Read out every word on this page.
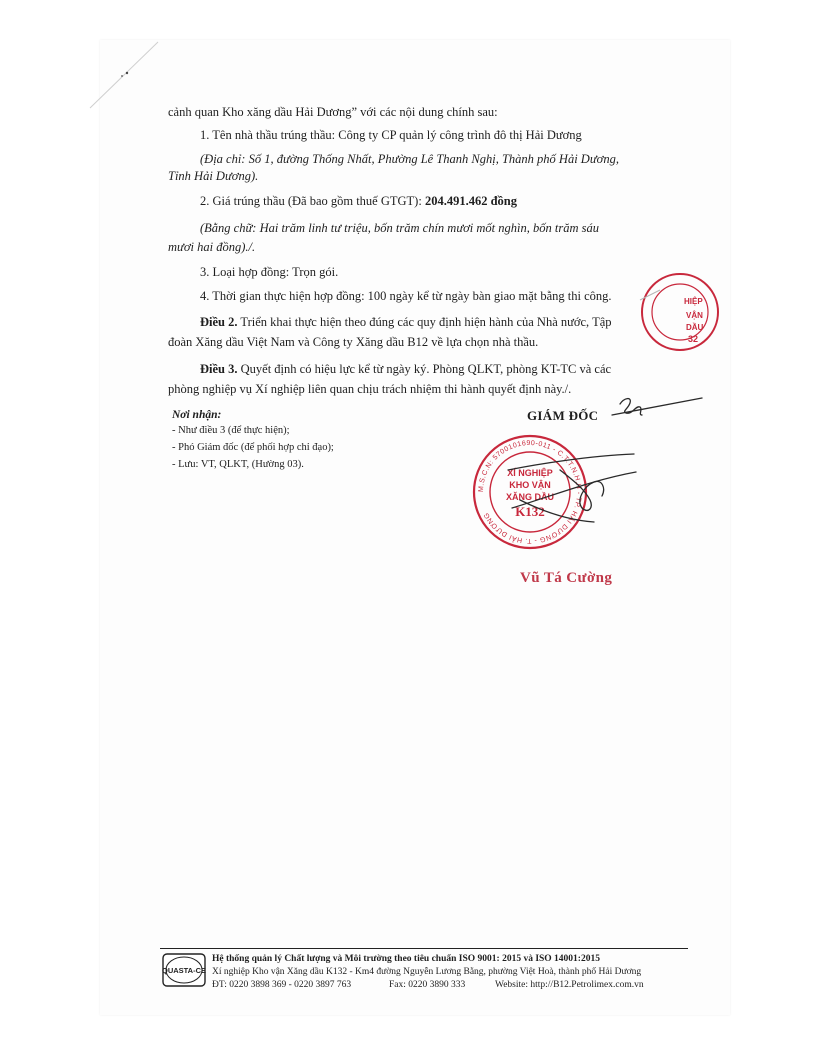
cảnh quan Kho xăng dầu Hải Dương” với các nội dung chính sau:
1. Tên nhà thầu trúng thầu: Công ty CP quản lý công trình đô thị Hải Dương
(Địa chỉ: Số 1, đường Thống Nhất, Phường Lê Thanh Nghị, Thành phố Hải Dương,
Tỉnh Hải Dương).
2. Giá trúng thầu (Đã bao gồm thuế GTGT): 204.491.462 đồng
(Bằng chữ: Hai trăm linh tư triệu, bốn trăm chín mươi mốt nghìn, bốn trăm sáu
mươi hai đồng)./.
3. Loại hợp đồng: Trọn gói.
4. Thời gian thực hiện hợp đồng: 100 ngày kể từ ngày bàn giao mặt bằng thi công.
Điều 2. Triển khai thực hiện theo đúng các quy định hiện hành của Nhà nước, Tập
đoàn Xăng dầu Việt Nam và Công ty Xăng dầu B12 về lựa chọn nhà thầu.
Điều 3. Quyết định có hiệu lực kể từ ngày ký. Phòng QLKT, phòng KT-TC và các
phòng nghiệp vụ Xí nghiệp liên quan chịu trách nhiệm thi hành quyết định này./.
Nơi nhận:
- Như điều 3 (để thực hiện);
- Phó Giám đốc (để phối hợp chỉ đạo);
- Lưu: VT, QLKT, (Hường 03).
GIÁM ĐỐC
Vũ Tá Cường
HIỆP
VẬN
DẦU
32
M.S.C.N: 5700101690-011 - C.T.T.N.H.H - TP. HẢI DƯƠNG - T. HẢI DƯƠNG
XÍ NGHIỆP
KHO VẬN
XĂNG DẦU
K132
QUASTA-CE
Hệ thống quản lý Chất lượng và Môi trường theo tiêu chuẩn ISO 9001: 2015 và ISO 14001:2015
Xí nghiệp Kho vận Xăng dầu K132 - Km4 đường Nguyễn Lương Bằng, phường Việt Hoà, thành phố Hải Dương
ĐT: 0220 3898 369 - 0220 3897 763	Fax: 0220 3890 333	Website: http://B12.Petrolimex.com.vn
